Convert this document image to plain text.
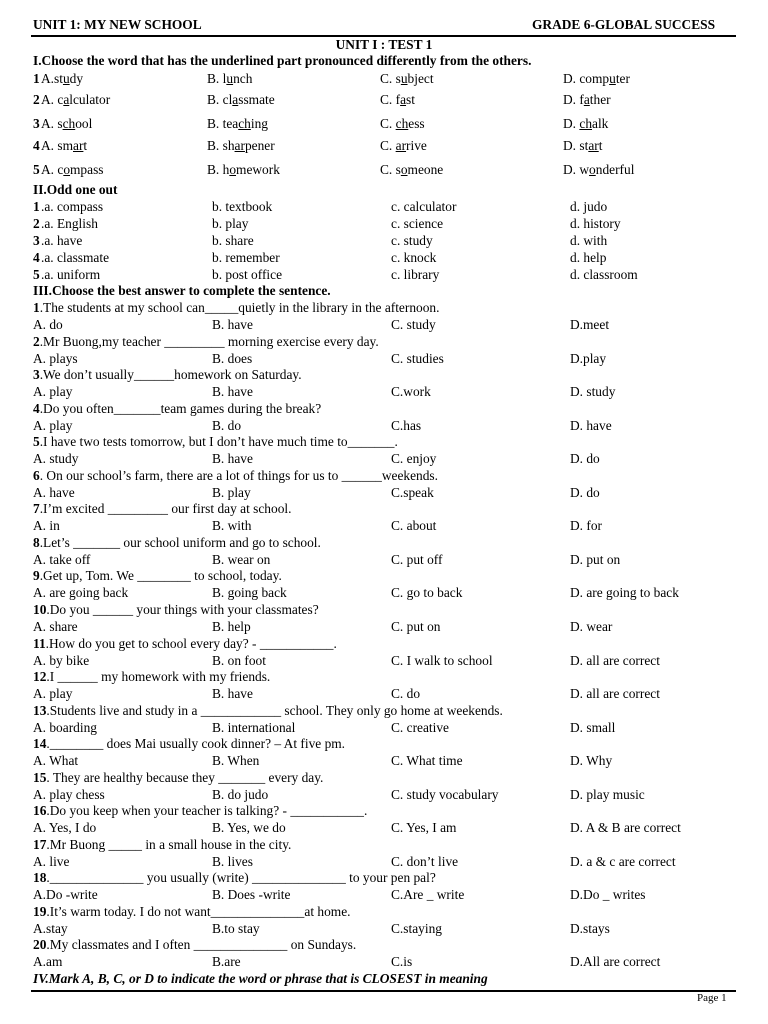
UNIT 1: MY NEW SCHOOL	GRADE 6-GLOBAL SUCCESS
UNIT I : TEST 1
I.Choose the word that has the underlined part pronounced differently from the others.
1 A.study	B. lunch	C. subject	D. computer
2 A. calculator	B. classmate	C. fast	D. father
3 A. school	B. teaching	C. chess	D. chalk
4 A. smart	B. sharpener	C. arrive	D. start
5 A. compass	B. homework	C. someone	D. wonderful
II.Odd one out
1 .a. compass	b. textbook	c. calculator	d. judo
2 .a. English	b. play	c. science	d. history
3 .a. have	b. share	c. study	d. with
4 .a. classmate	b. remember	c. knock	d. help
5 .a. uniform	b. post office	c. library	d. classroom
III.Choose the best answer to complete the sentence.
1.The students at my school can_____quietly in the library in the afternoon.
A. do	B. have	C. study	D.meet
2.Mr Buong,my teacher _________ morning exercise every day.
A. plays	B. does	C. studies	D.play
3.We don’t usually______homework on Saturday.
A. play	B. have	C.work	D. study
4.Do you often_______team games during the break?
A. play	B. do	C.has	D. have
5.I have two tests tomorrow, but I don’t have much time to_______.
A. study	B. have	C. enjoy	D. do
6. On our school’s farm, there are a lot of things for us to ______weekends.
A. have	B. play	C.speak	D. do
7.I’m excited _________ our first day at school.
A. in	B. with	C. about	D. for
8.Let’s _______ our school uniform and go to school.
A. take off	B. wear on	C. put off	D. put on
9.Get up, Tom. We ________ to school, today.
A. are going back	B. going back	C. go to back	D. are going to back
10.Do you ______ your things with your classmates?
A. share	B. help	C. put on	D. wear
11.How do you get to school every day? - ___________.
A. by bike	B. on foot	C. I walk to school	D. all are correct
12.I ______ my homework with my friends.
A. play	B. have	C. do	D. all are correct
13.Students live and study in a ____________ school. They only go home at weekends.
A. boarding	B. international	C. creative	D. small
14.________ does Mai usually cook dinner? – At five pm.
A. What	B. When	C. What time	D. Why
15. They are healthy because they _______ every day.
A. play chess	B. do judo	C. study vocabulary	D. play music
16.Do you keep when your teacher is talking? - ___________.
A. Yes, I do	B. Yes, we do	C. Yes, I am	D. A & B are correct
17.Mr Buong _____ in a small house in the city.
A. live	B. lives	C. don’t live	D. a & c are correct
18.______________ you usually (write) ______________ to your pen pal?
A.Do -write	B. Does -write	C.Are _ write	D.Do _ writes
19.It’s warm today. I do not want______________at home.
A.stay	B.to stay	C.staying	D.stays
20.My classmates and I often ______________ on Sundays.
A.am	B.are	C.is	D.All are correct
IV.Mark A, B, C, or D to indicate the word or phrase that is CLOSEST in meaning
Page 1
